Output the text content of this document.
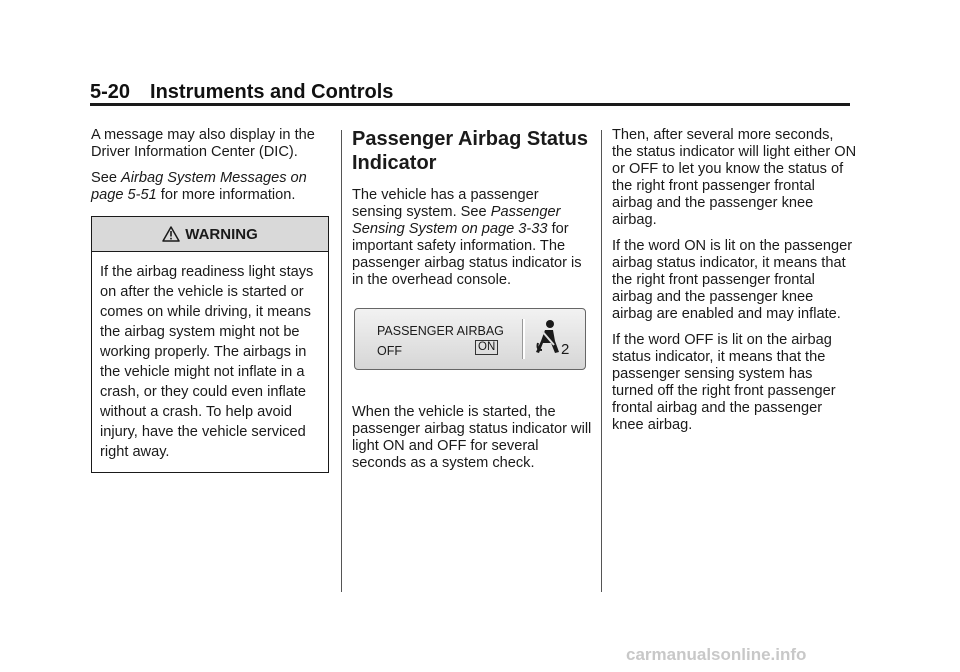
5-20 Instruments and Controls

A message may also display in the Driver Information Center (DIC).

See Airbag System Messages on page 5-51 for more information.

WARNING
If the airbag readiness light stays on after the vehicle is started or comes on while driving, it means the airbag system might not be working properly. The airbags in the vehicle might not inflate in a crash, or they could even inflate without a crash. To help avoid injury, have the vehicle serviced right away.
Passenger Airbag Status Indicator

The vehicle has a passenger sensing system. See Passenger Sensing System on page 3-33 for important safety information. The passenger airbag status indicator is in the overhead console.

When the vehicle is started, the passenger airbag status indicator will light ON and OFF for several seconds as a system check.

PASSENGER AIRBAG
OFF	ON	2

Then, after several more seconds, the status indicator will light either ON or OFF to let you know the status of the right front passenger frontal airbag and the passenger knee airbag.

If the word ON is lit on the passenger airbag status indicator, it means that the right front passenger frontal airbag and the passenger knee airbag are enabled and may inflate.

If the word OFF is lit on the airbag status indicator, it means that the passenger sensing system has turned off the right front passenger frontal airbag and the passenger knee airbag.

carmanualsonline.info
